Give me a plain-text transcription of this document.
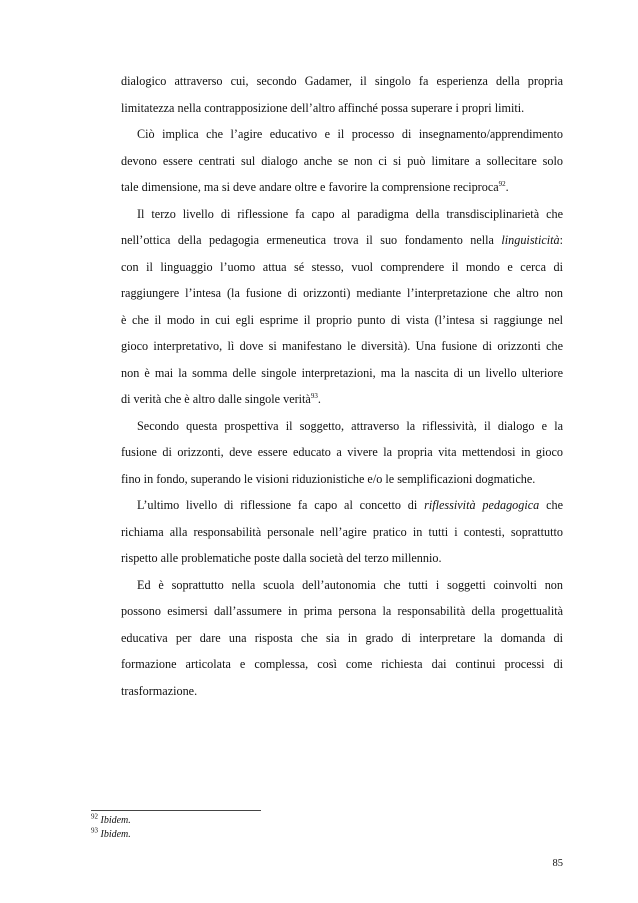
dialogico attraverso cui, secondo Gadamer, il singolo fa esperienza della propria
limitatezza nella contrapposizione dell’altro affinché possa superare i propri limiti.
Ciò implica che l’agire educativo e il processo di insegnamento/apprendimento
devono essere centrati sul dialogo anche se non ci si può limitare a sollecitare solo
tale dimensione, ma si deve andare oltre e favorire la comprensione reciproca$^{92}$.
Il terzo livello di riflessione fa capo al paradigma della transdisciplinarietà che
nell’ottica della pedagogia ermeneutica trova il suo fondamento nella linguisticità:
con il linguaggio l’uomo attua sé stesso, vuol comprendere il mondo e cerca di
raggiungere l’intesa (la fusione di orizzonti) mediante l’interpretazione che altro non
è che il modo in cui egli esprime il proprio punto di vista (l’intesa si raggiunge nel
gioco interpretativo, lì dove si manifestano le diversità). Una fusione di orizzonti che
non è mai la somma delle singole interpretazioni, ma la nascita di un livello ulteriore
di verità che è altro dalle singole verità$^{93}$.
Secondo questa prospettiva il soggetto, attraverso la riflessività, il dialogo e la
fusione di orizzonti, deve essere educato a vivere la propria vita mettendosi in gioco
fino in fondo, superando le visioni riduzionistiche e/o le semplificazioni dogmatiche.
L’ultimo livello di riflessione fa capo al concetto di riflessività pedagogica che
richiama alla responsabilità personale nell’agire pratico in tutti i contesti, soprattutto
rispetto alle problematiche poste dalla società del terzo millennio.
Ed è soprattutto nella scuola dell’autonomia che tutti i soggetti coinvolti non
possono esimersi dall’assumere in prima persona la responsabilità della progettualità
educativa per dare una risposta che sia in grado di interpretare la domanda di
formazione articolata e complessa, così come richiesta dai continui processi di
trasformazione.
$^{92}$ Ibidem.
$^{93}$ Ibidem.
85
